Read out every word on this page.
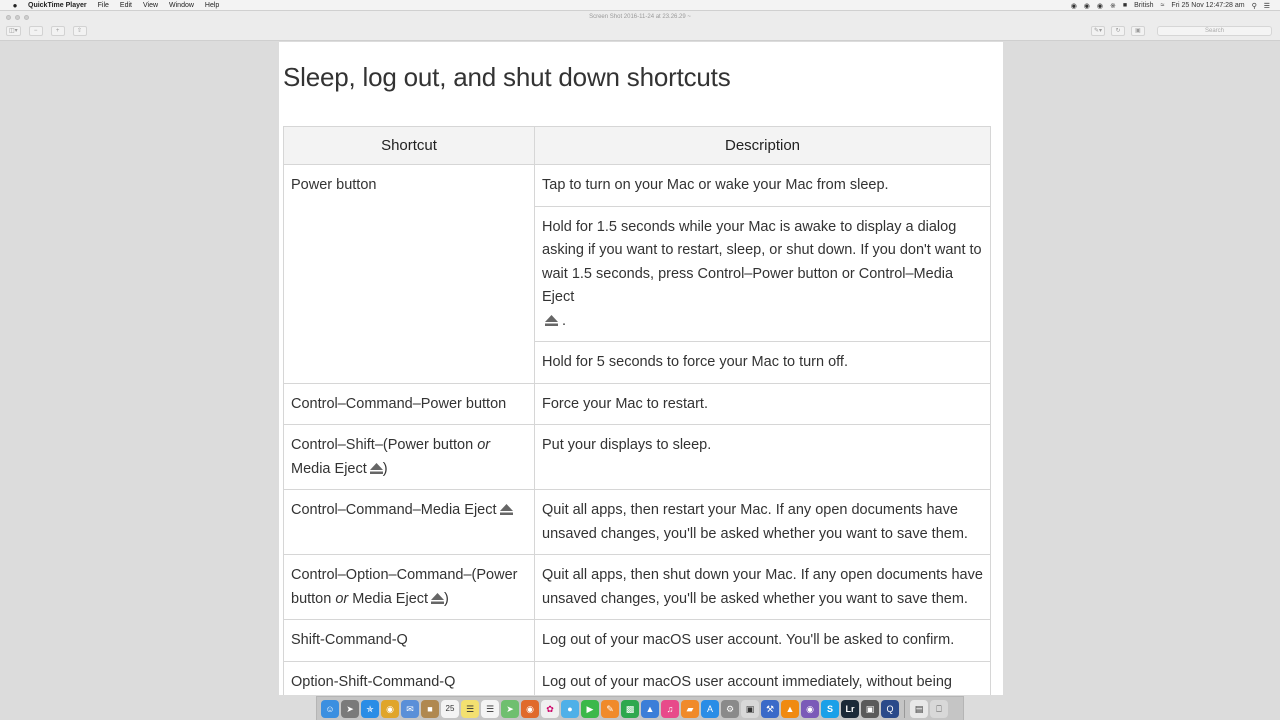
●	QuickTime Player File Edit View Window Help	◉ ◉ ◉ ※ ■ British ≈ Fri 25 Nov 12:47:28 am ⚲ ☰
Screen Shot 2016-11-24 at 23.26.29 ~
◫▾	−	+	⇧	✎▾	↻	▣	Search
Sleep, log out, and shut down shortcuts
Shortcut	Description
Power button	Tap to turn on your Mac or wake your Mac from sleep.
	Hold for 1.5 seconds while your Mac is awake to display a dialog asking if you want to restart, sleep, or shut down. If you don't want to wait 1.5 seconds, press Control–Power button or Control–Media Eject
.
	Hold for 5 seconds to force your Mac to turn off.
Control–Command–Power button	Force your Mac to restart.
Control–Shift–(Power button or
Media Eject )	Put your displays to sleep.
Control–Command–Media Eject	Quit all apps, then restart your Mac. If any open documents have unsaved changes, you'll be asked whether you want to save them.
Control–Option–Command–(Power button or Media Eject )	Quit all apps, then shut down your Mac. If any open documents have unsaved changes, you'll be asked whether you want to save them.
Shift-Command-Q	Log out of your macOS user account. You'll be asked to confirm.
Option-Shift-Command-Q	Log out of your macOS user account immediately, without being
☺	➤	✯	◉	✉	■	25	☰	☰	➤	◉	✿	●	▶	✎	▩	▲	♫	▰	A	⚙	▣	⚒	▲	◉	S	Lr	▣	Q	▤	⎕
